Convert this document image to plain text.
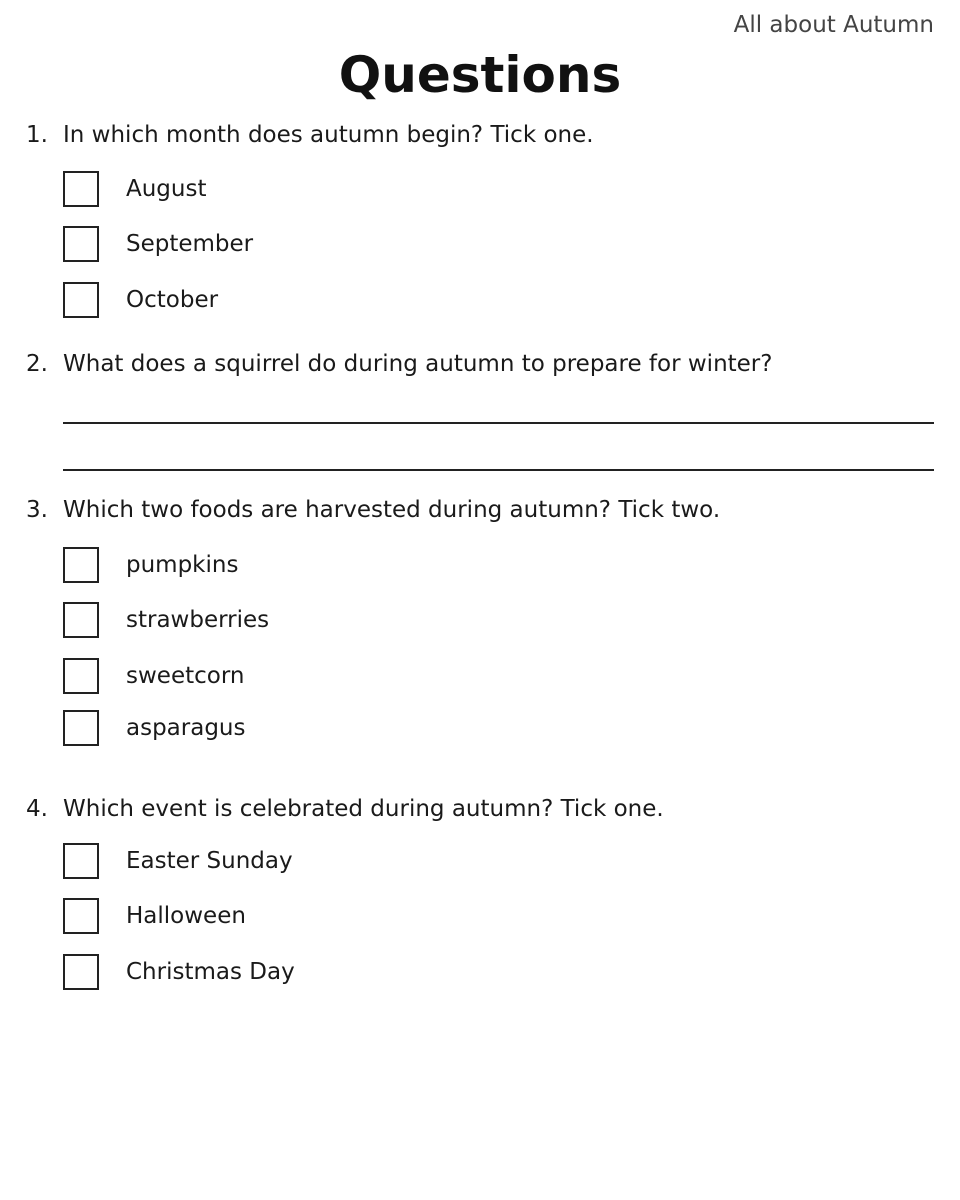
All about Autumn
Questions
1. In which month does autumn begin? Tick one.
August
September
October
2. What does a squirrel do during autumn to prepare for winter?
3. Which two foods are harvested during autumn? Tick two.
pumpkins
strawberries
sweetcorn
asparagus
4. Which event is celebrated during autumn? Tick one.
Easter Sunday
Halloween
Christmas Day
